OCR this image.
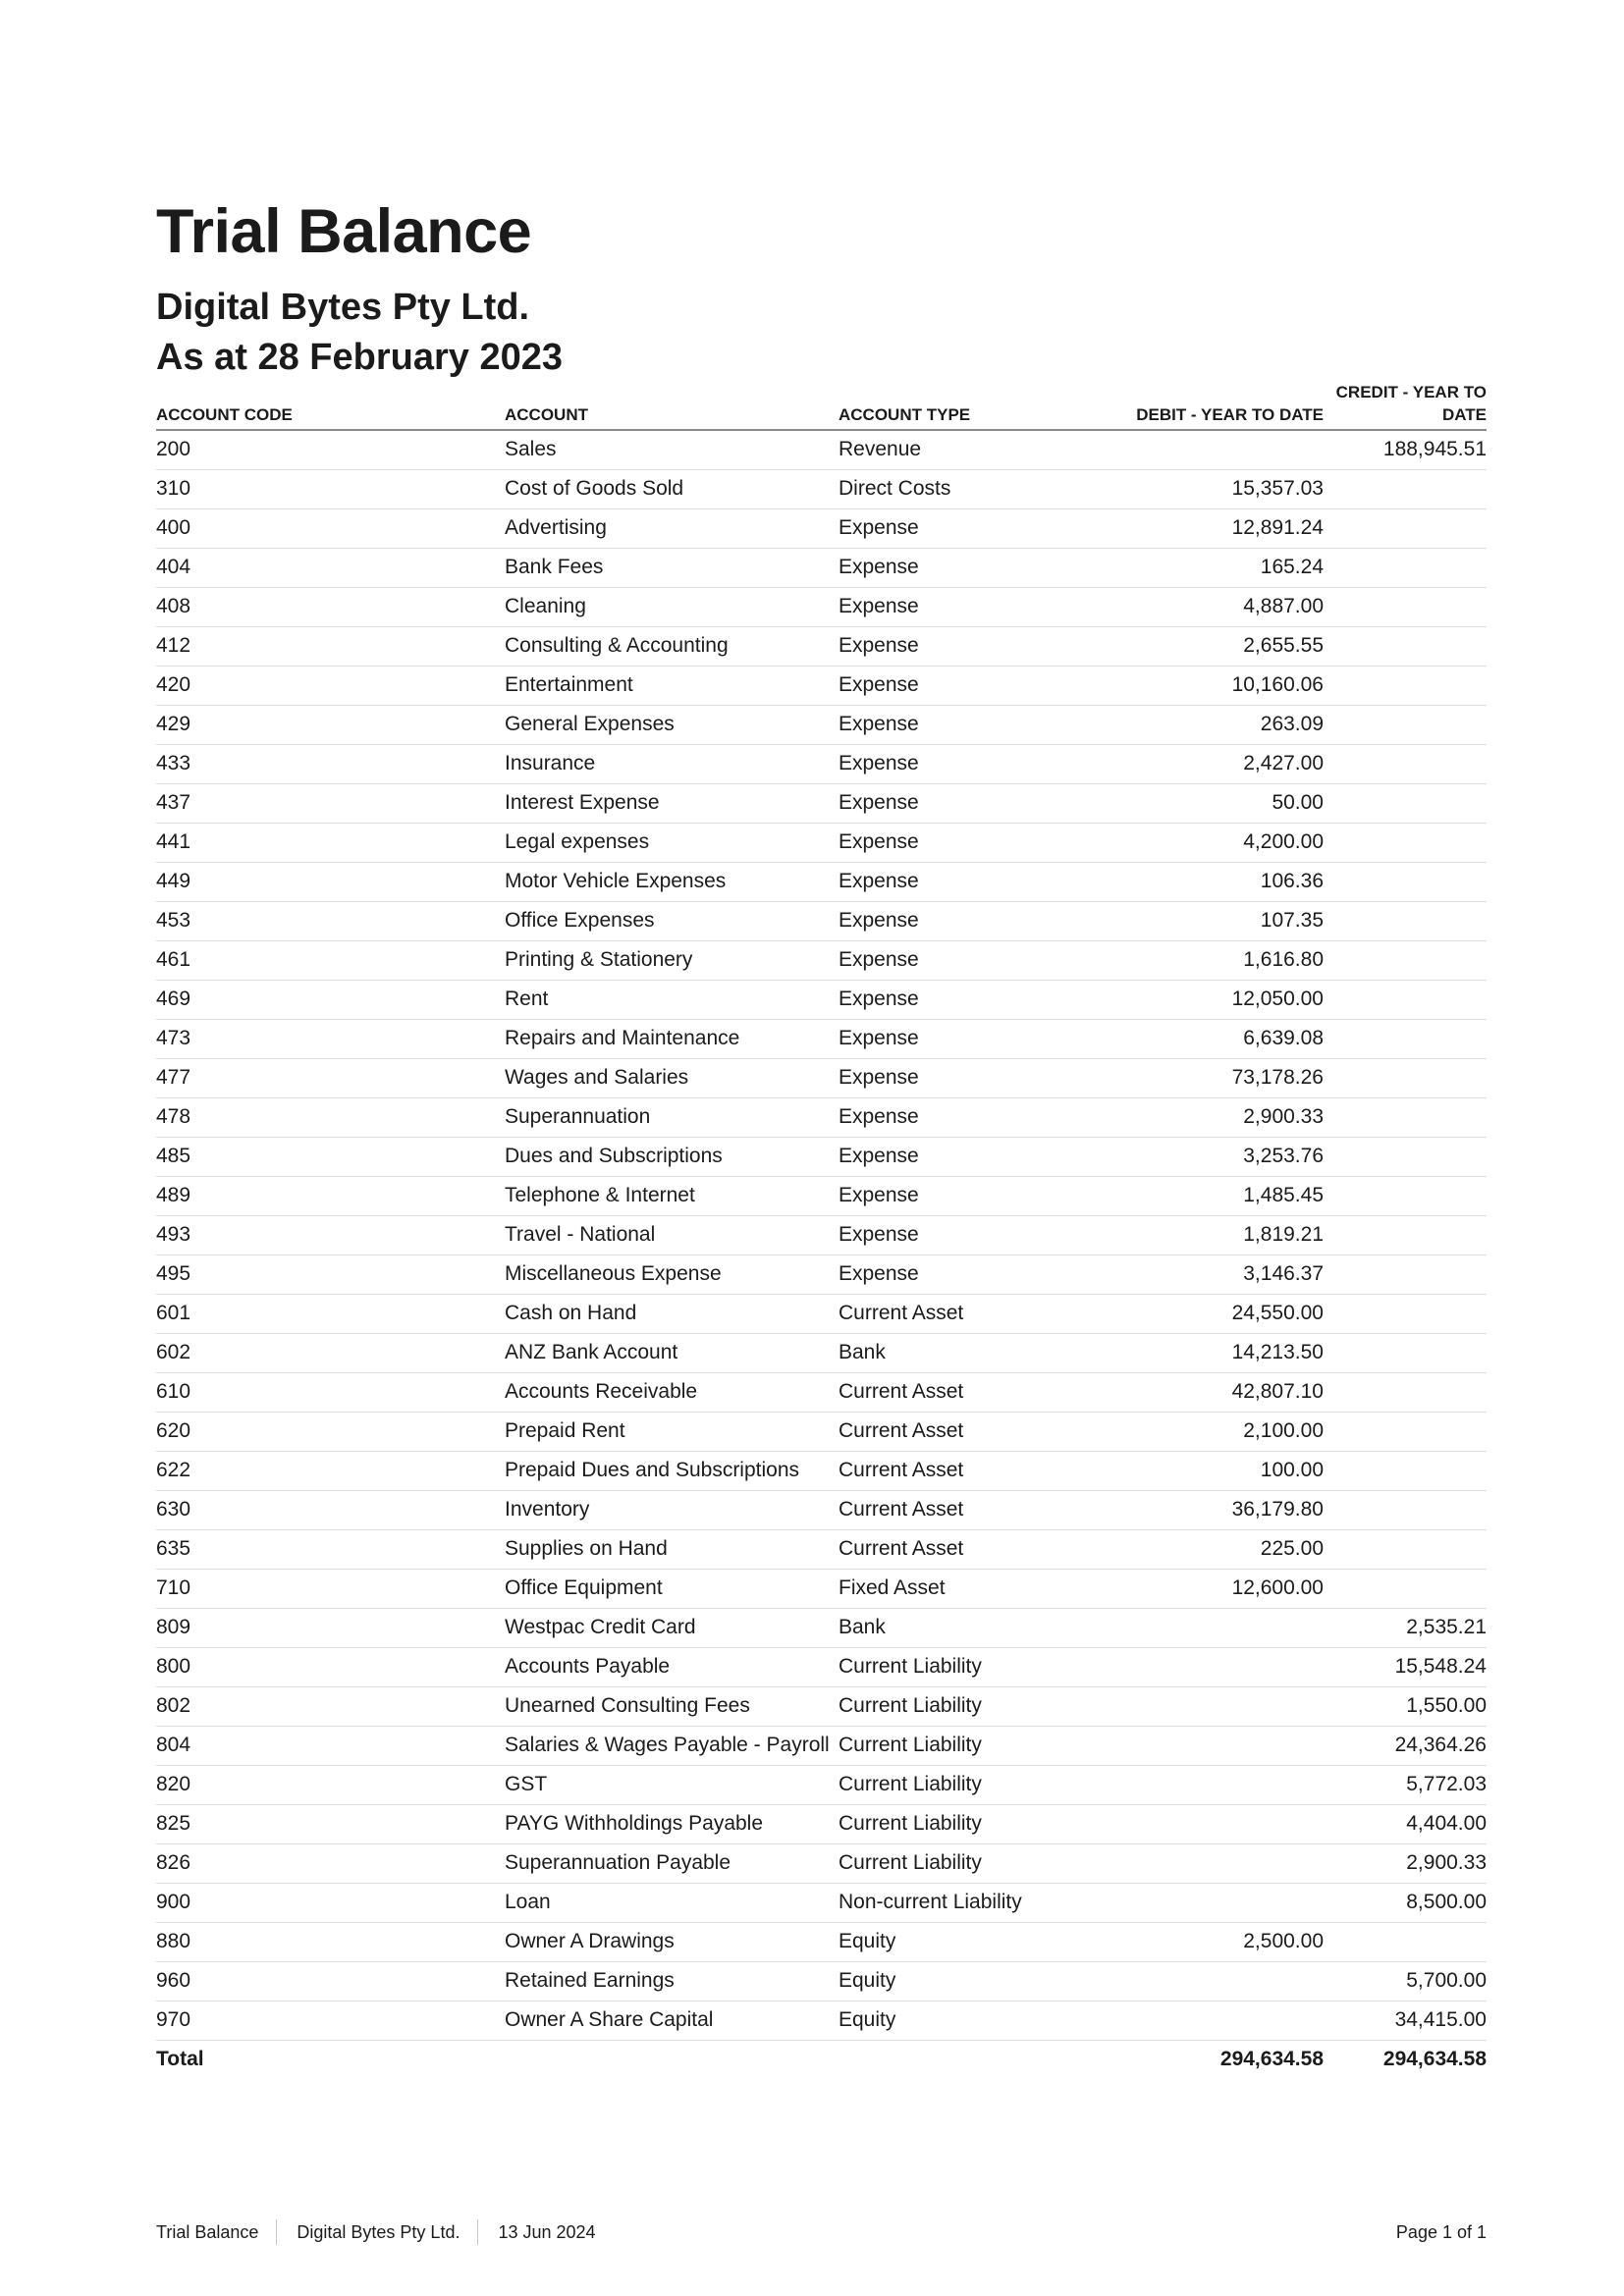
Trial Balance
Digital Bytes Pty Ltd.
As at 28 February 2023
ACCOUNT CODE	ACCOUNT	ACCOUNT TYPE	DEBIT - YEAR TO DATE	CREDIT - YEAR TO DATE
200	Sales	Revenue		188,945.51
310	Cost of Goods Sold	Direct Costs	15,357.03	
400	Advertising	Expense	12,891.24	
404	Bank Fees	Expense	165.24	
408	Cleaning	Expense	4,887.00	
412	Consulting & Accounting	Expense	2,655.55	
420	Entertainment	Expense	10,160.06	
429	General Expenses	Expense	263.09	
433	Insurance	Expense	2,427.00	
437	Interest Expense	Expense	50.00	
441	Legal expenses	Expense	4,200.00	
449	Motor Vehicle Expenses	Expense	106.36	
453	Office Expenses	Expense	107.35	
461	Printing & Stationery	Expense	1,616.80	
469	Rent	Expense	12,050.00	
473	Repairs and Maintenance	Expense	6,639.08	
477	Wages and Salaries	Expense	73,178.26	
478	Superannuation	Expense	2,900.33	
485	Dues and Subscriptions	Expense	3,253.76	
489	Telephone & Internet	Expense	1,485.45	
493	Travel - National	Expense	1,819.21	
495	Miscellaneous Expense	Expense	3,146.37	
601	Cash on Hand	Current Asset	24,550.00	
602	ANZ Bank Account	Bank	14,213.50	
610	Accounts Receivable	Current Asset	42,807.10	
620	Prepaid Rent	Current Asset	2,100.00	
622	Prepaid Dues and Subscriptions	Current Asset	100.00	
630	Inventory	Current Asset	36,179.80	
635	Supplies on Hand	Current Asset	225.00	
710	Office Equipment	Fixed Asset	12,600.00	
809	Westpac Credit Card	Bank		2,535.21
800	Accounts Payable	Current Liability		15,548.24
802	Unearned Consulting Fees	Current Liability		1,550.00
804	Salaries & Wages Payable - Payroll	Current Liability		24,364.26
820	GST	Current Liability		5,772.03
825	PAYG Withholdings Payable	Current Liability		4,404.00
826	Superannuation Payable	Current Liability		2,900.33
900	Loan	Non-current Liability		8,500.00
880	Owner A Drawings	Equity	2,500.00	
960	Retained Earnings	Equity		5,700.00
970	Owner A Share Capital	Equity		34,415.00
Total			294,634.58	294,634.58
Trial Balance Digital Bytes Pty Ltd. 13 Jun 2024	Page 1 of 1
